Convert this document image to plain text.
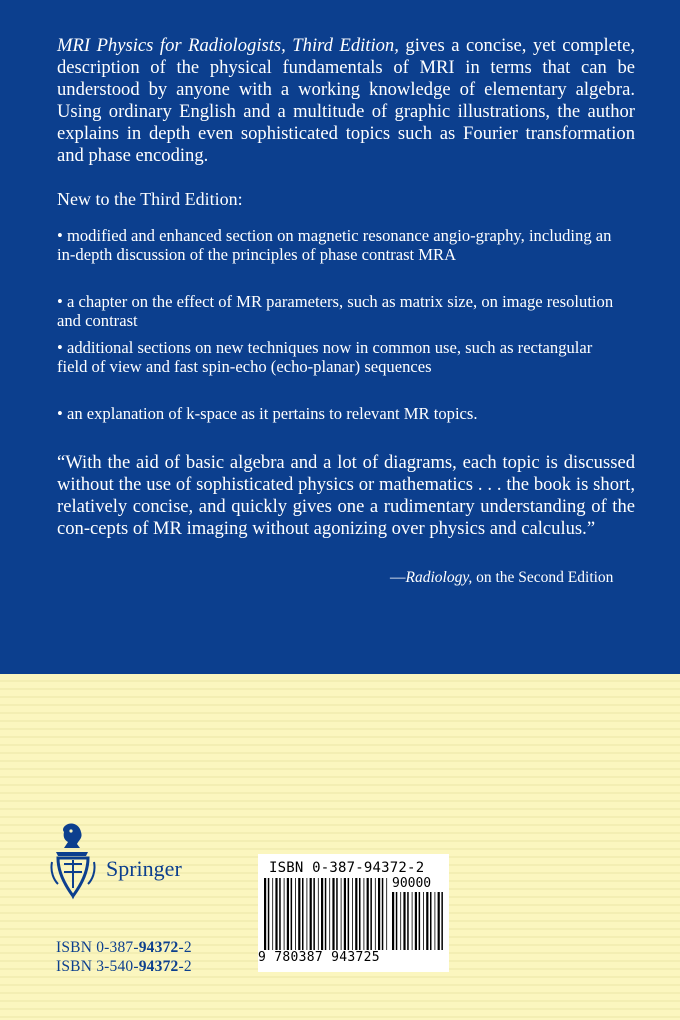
MRI Physics for Radiologists, Third Edition, gives a concise, yet complete, description of the physical fundamentals of MRI in terms that can be understood by anyone with a working knowledge of elementary algebra. Using ordinary English and a multitude of graphic illustrations, the author explains in depth even sophisticated topics such as Fourier transformation and phase encoding.

New to the Third Edition:

• modified and enhanced section on magnetic resonance angio-graphy, including an in-depth discussion of the principles of phase contrast MRA

• a chapter on the effect of MR parameters, such as matrix size, on image resolution and contrast

• additional sections on new techniques now in common use, such as rectangular field of view and fast spin-echo (echo-planar) sequences

• an explanation of k-space as it pertains to relevant MR topics.

“With the aid of basic algebra and a lot of diagrams, each topic is discussed without the use of sophisticated physics or mathematics . . . the book is short, relatively concise, and quickly gives one a rudimentary understanding of the con-cepts of MR imaging without agonizing over physics and calculus.”

—Radiology, on the Second Edition

Springer
ISBN 0-387-94372-2
ISBN 3-540-94372-2
ISBN 0-387-94372-2
90000
9 780387 943725
